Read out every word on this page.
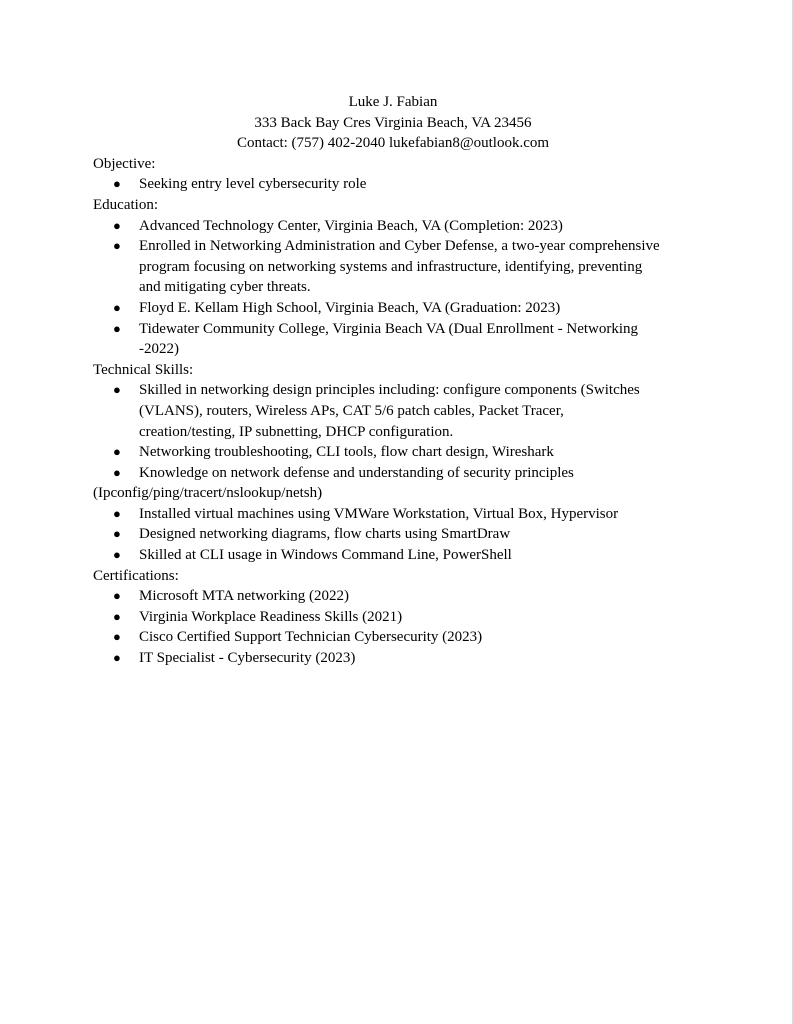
Luke J. Fabian
333 Back Bay Cres Virginia Beach, VA 23456
Contact: (757) 402-2040 lukefabian8@outlook.com
Objective:
● Seeking entry level cybersecurity role
Education:
● Advanced Technology Center, Virginia Beach, VA (Completion: 2023)
● Enrolled in Networking Administration and Cyber Defense, a two-year comprehensive program focusing on networking systems and infrastructure, identifying, preventing and mitigating cyber threats.
● Floyd E. Kellam High School, Virginia Beach, VA (Graduation: 2023)
● Tidewater Community College, Virginia Beach VA (Dual Enrollment - Networking -2022)
Technical Skills:
● Skilled in networking design principles including: configure components (Switches (VLANS), routers, Wireless APs, CAT 5/6 patch cables, Packet Tracer, creation/testing, IP subnetting, DHCP configuration.
● Networking troubleshooting, CLI tools, flow chart design, Wireshark
● Knowledge on network defense and understanding of security principles
(Ipconfig/ping/tracert/nslookup/netsh)
● Installed virtual machines using VMWare Workstation, Virtual Box, Hypervisor
● Designed networking diagrams, flow charts using SmartDraw
● Skilled at CLI usage in Windows Command Line, PowerShell
Certifications:
● Microsoft MTA networking (2022)
● Virginia Workplace Readiness Skills (2021)
● Cisco Certified Support Technician Cybersecurity (2023)
● IT Specialist - Cybersecurity (2023)
